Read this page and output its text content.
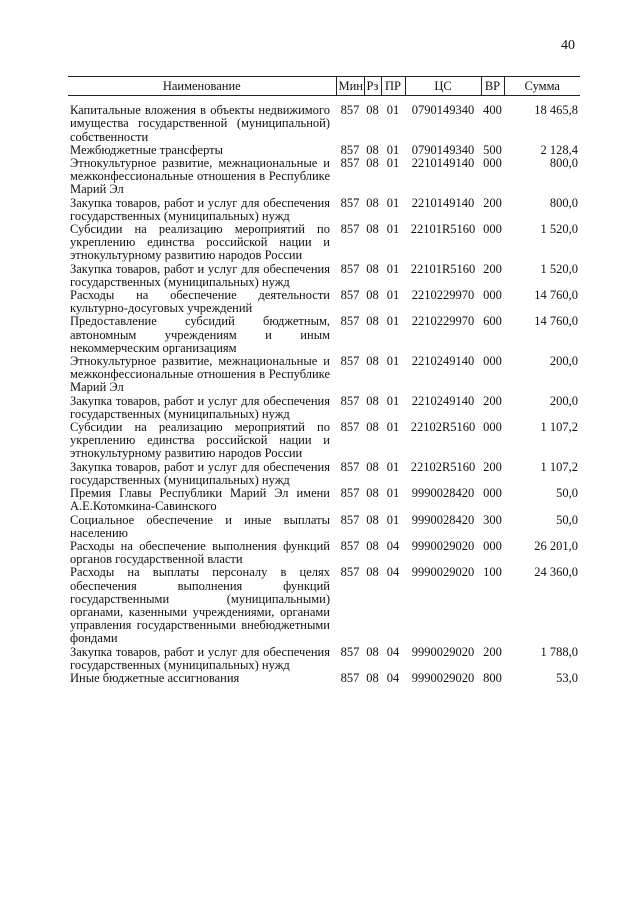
40
Наименование	Мин	Рз	ПР	ЦС	ВР	Сумма
Капитальные вложения в объекты недвижимого имущества государственной (муниципальной) собственности	857	08	01	0790149340	400	18 465,8
Межбюджетные трансферты	857	08	01	0790149340	500	2 128,4
Этнокультурное развитие, межнациональные и межконфессиональные отношения в Республике Марий Эл	857	08	01	2210149140	000	800,0
Закупка товаров, работ и услуг для обеспечения государственных (муниципальных) нужд	857	08	01	2210149140	200	800,0
Субсидии на реализацию мероприятий по укреплению единства российской нации и этнокультурному развитию народов России	857	08	01	22101R5160	000	1 520,0
Закупка товаров, работ и услуг для обеспечения государственных (муниципальных) нужд	857	08	01	22101R5160	200	1 520,0
Расходы на обеспечение деятельности культурно-досуговых учреждений	857	08	01	2210229970	000	14 760,0
Предоставление субсидий бюджетным, автономным учреждениям и иным некоммерческим организациям	857	08	01	2210229970	600	14 760,0
Этнокультурное развитие, межнациональные и межконфессиональные отношения в Республике Марий Эл	857	08	01	2210249140	000	200,0
Закупка товаров, работ и услуг для обеспечения государственных (муниципальных) нужд	857	08	01	2210249140	200	200,0
Субсидии на реализацию мероприятий по укреплению единства российской нации и этнокультурному развитию народов России	857	08	01	22102R5160	000	1 107,2
Закупка товаров, работ и услуг для обеспечения государственных (муниципальных) нужд	857	08	01	22102R5160	200	1 107,2
Премия Главы Республики Марий Эл имени А.Е.Котомкина-Савинского	857	08	01	9990028420	000	50,0
Социальное обеспечение и иные выплаты населению	857	08	01	9990028420	300	50,0
Расходы на обеспечение выполнения функций органов государственной власти	857	08	04	9990029020	000	26 201,0
Расходы на выплаты персоналу в целях обеспечения выполнения функций государственными (муниципальными) органами, казенными учреждениями, органами управления государственными внебюджетными фондами	857	08	04	9990029020	100	24 360,0
Закупка товаров, работ и услуг для обеспечения государственных (муниципальных) нужд	857	08	04	9990029020	200	1 788,0
Иные бюджетные ассигнования	857	08	04	9990029020	800	53,0
